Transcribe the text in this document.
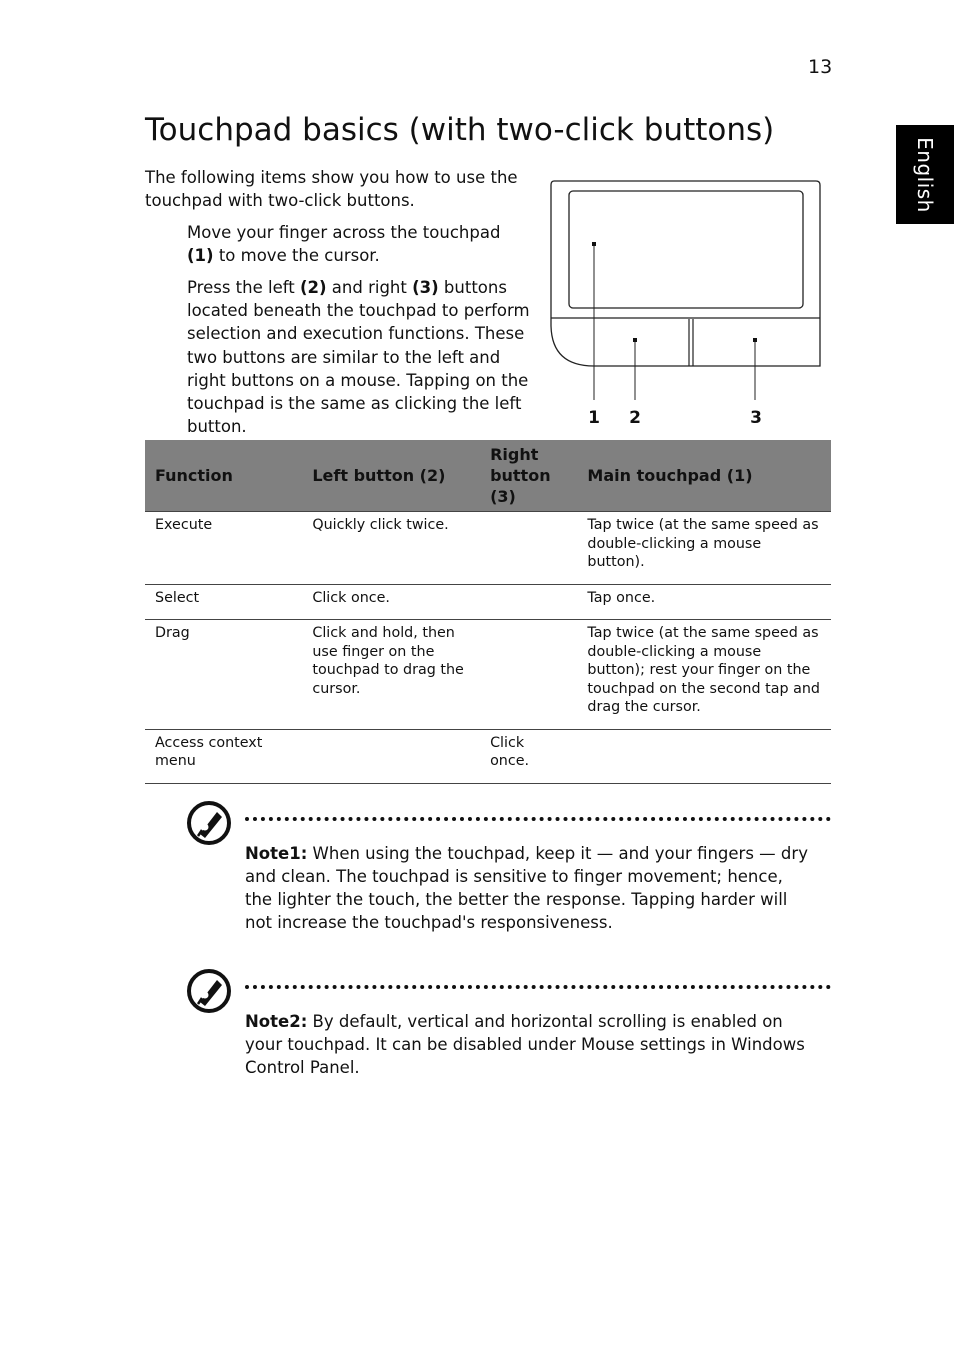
13
English
Touchpad basics (with two-click buttons)

The following items show you how to use the touchpad with two-click buttons.

Move your finger across the touchpad (1) to move the cursor.

Press the left (2) and right (3) buttons located beneath the touchpad to perform selection and execution functions. These two buttons are similar to the left and right buttons on a mouse. Tapping on the touchpad is the same as clicking the left button.	1 2	3
Function	Left button (2)	Right button (3)	Main touchpad (1)
Execute	Quickly click twice.		Tap twice (at the same speed as double-clicking a mouse button).
Select	Click once.		Tap once.
Drag	Click and hold, then use finger on the touchpad to drag the cursor.		Tap twice (at the same speed as double-clicking a mouse button); rest your finger on the touchpad on the second tap and drag the cursor.
Access context menu		Click once.	

Note1: When using the touchpad, keep it — and your fingers — dry and clean. The touchpad is sensitive to finger movement; hence, the lighter the touch, the better the response. Tapping harder will not increase the touchpad's responsiveness.

Note2: By default, vertical and horizontal scrolling is enabled on your touchpad. It can be disabled under Mouse settings in Windows Control Panel.
